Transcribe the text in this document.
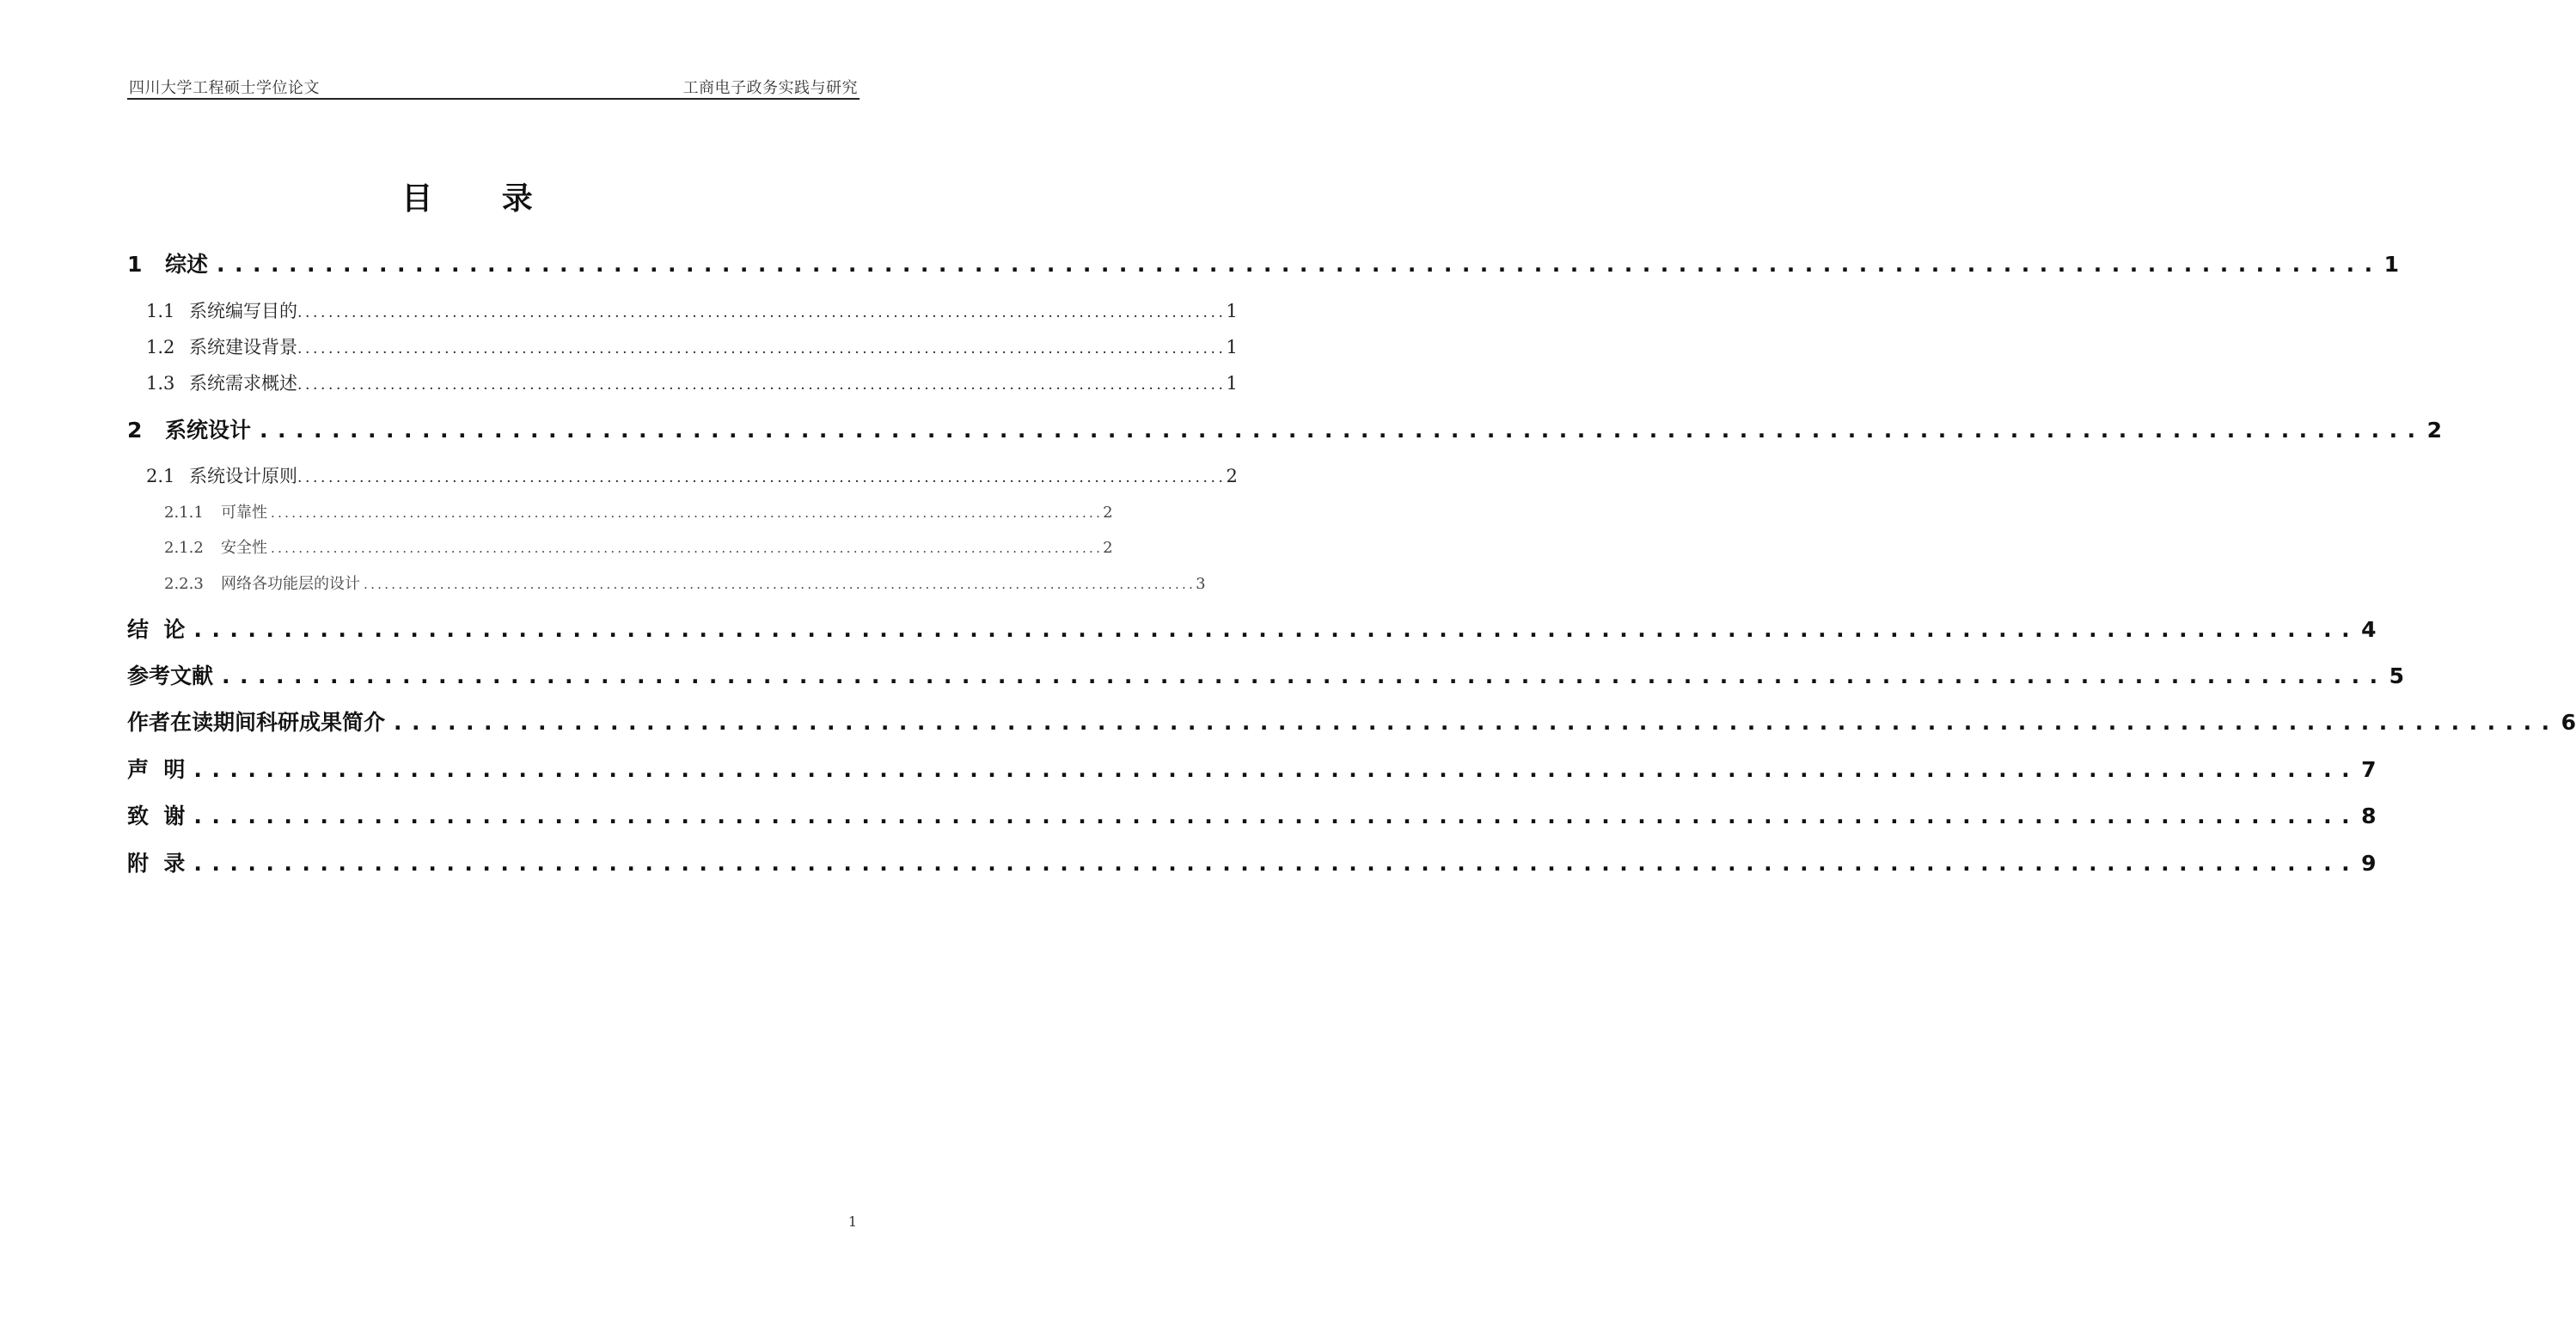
四川大学工程硕士学位论文	工商电子政务实践与研究
目 录
1 综述 ........................................................................................................................ 1
1.1 系统编写目的 ........................................................................................................................ 1
1.2 系统建设背景 ........................................................................................................................ 1
1.3 系统需求概述 ........................................................................................................................ 1
2 系统设计 ........................................................................................................................ 2
2.1 系统设计原则 ........................................................................................................................ 2
2.1.1 可靠性 ........................................................................................................................ 2
2.1.2 安全性 ........................................................................................................................ 2
2.2.3 网络各功能层的设计 ........................................................................................................................ 3
结  论 ........................................................................................................................ 4
参考文献 ........................................................................................................................ 5
作者在读期间科研成果简介 ........................................................................................................................ 6
声  明 ........................................................................................................................ 7
致  谢 ........................................................................................................................ 8
附  录 ........................................................................................................................ 9
1
